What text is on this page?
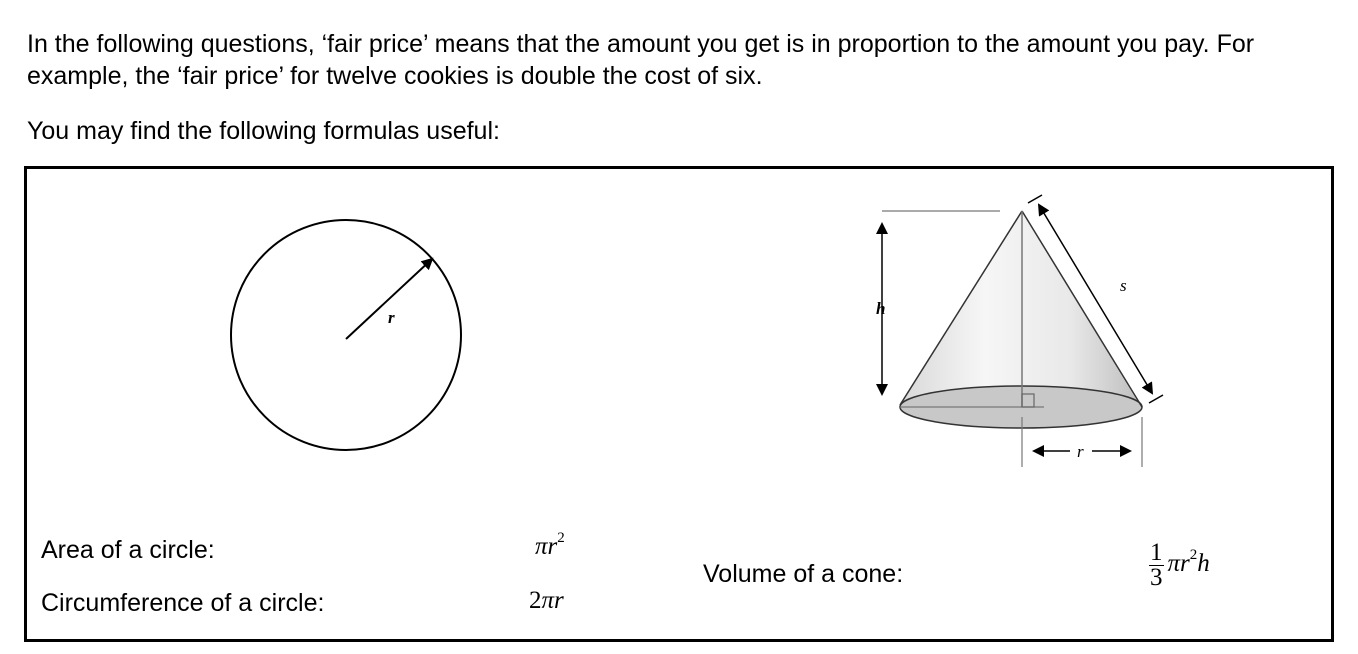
In the following questions, ‘fair price’ means that the amount you get is in proportion to the amount you pay. For example, the ‘fair price’ for twelve cookies is double the cost of six.

You may find the following formulas useful:

r	h
s
r
Area of a circle:	$\pi r^2$
Circumference of a circle:	2πr
Volume of a cone:	$\frac{1}{3} \pi r^2h$
